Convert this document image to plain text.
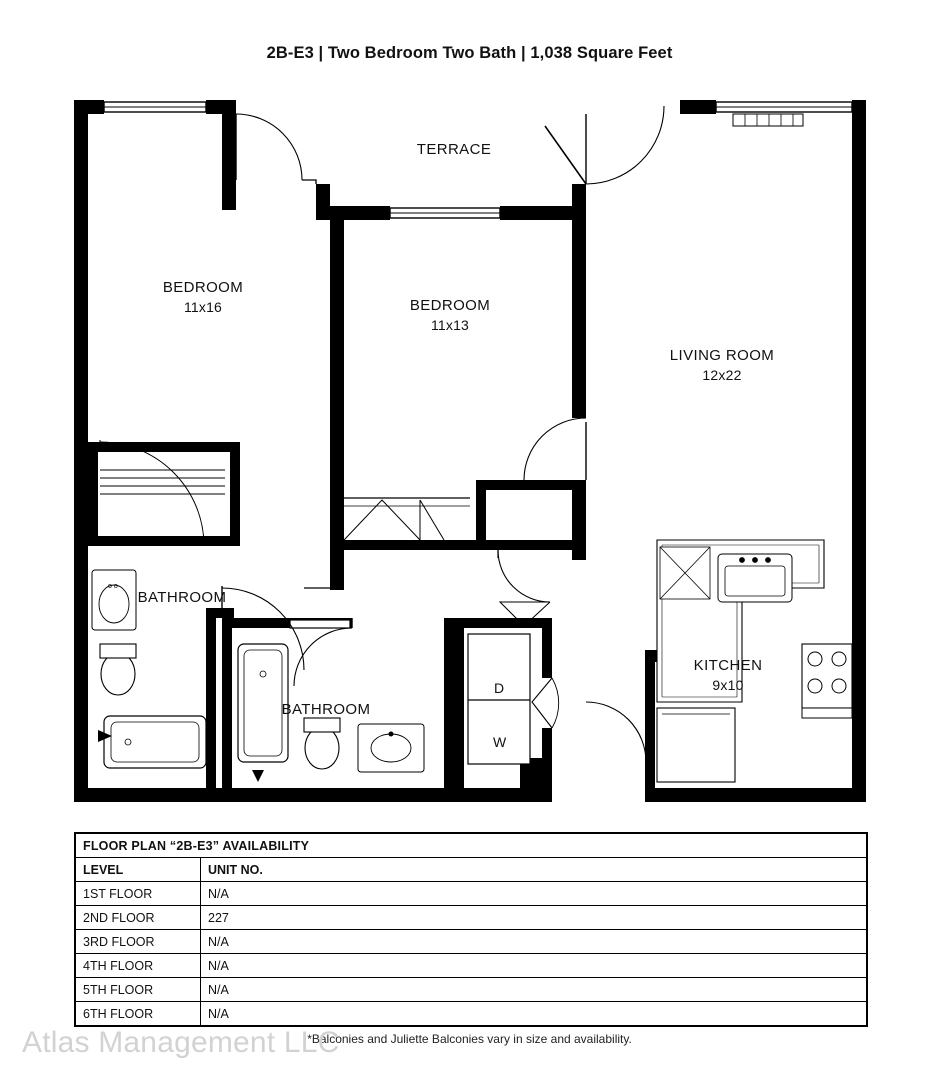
2B-E3 | Two Bedroom Two Bath | 1,038 Square Feet
o o
TERRACE
BEDROOM
11x16	BEDROOM
11x13
LIVING ROOM
12x22
BATHROOM
BATHROOM
KITCHEN
9x10
D
W
FLOOR PLAN “2B-E3” AVAILABILITY	
LEVEL	UNIT NO.
1ST FLOOR	N/A
2ND FLOOR	227
3RD FLOOR	N/A
4TH FLOOR	N/A
5TH FLOOR	N/A
6TH FLOOR	N/A
*Balconies and Juliette Balconies vary in size and availability.
Atlas Management LLC
